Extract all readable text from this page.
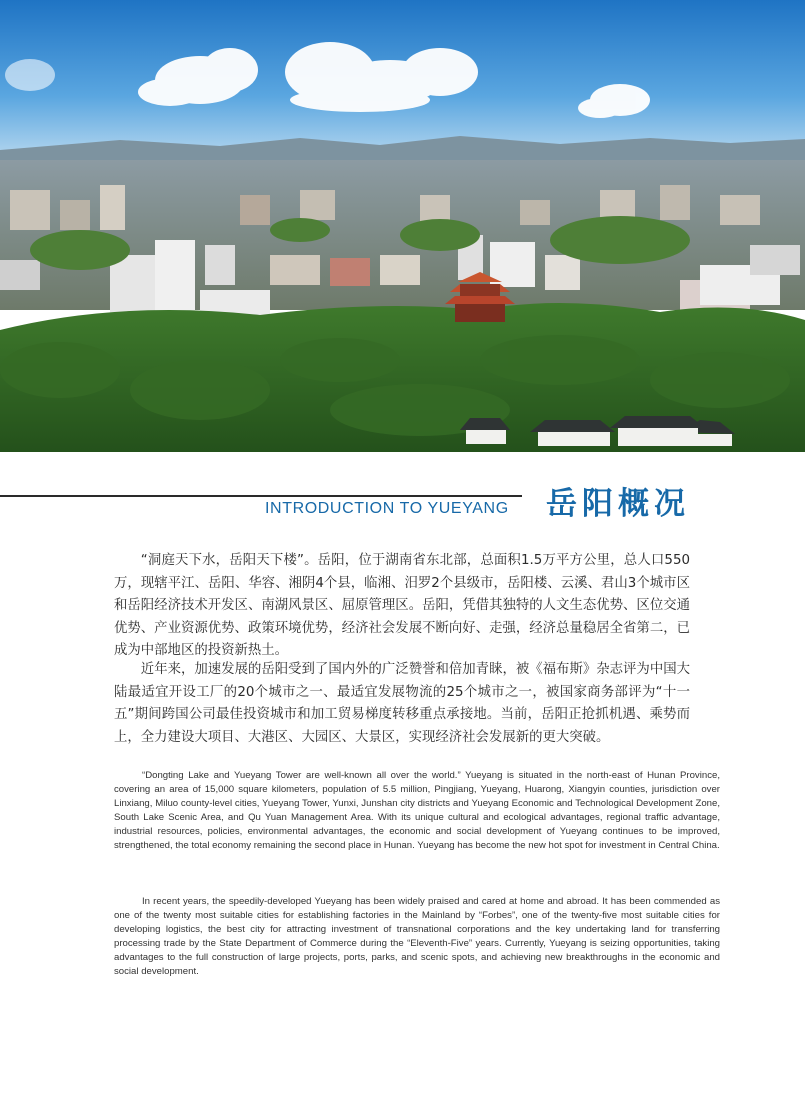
INTRODUCTION TO YUEYANG 岳阳概况

“洞庭天下水，岳阳天下楼”。岳阳，位于湖南省东北部，总面积1.5万平方公里，总人口550万，现辖平江、岳阳、华容、湘阴4个县，临湘、汨罗2个县级市，岳阳楼、云溪、君山3个城市区和岳阳经济技术开发区、南湖风景区、屈原管理区。岳阳，凭借其独特的人文生态优势、区位交通优势、产业资源优势、政策环境优势，经济社会发展不断向好、走强，经济总量稳居全省第二，已成为中部地区的投资新热土。

近年来，加速发展的岳阳受到了国内外的广泛赞誉和倍加青睐，被《福布斯》杂志评为中国大陆最适宜开设工厂的20个城市之一、最适宜发展物流的25个城市之一，被国家商务部评为“十一五”期间跨国公司最佳投资城市和加工贸易梯度转移重点承接地。当前，岳阳正抢抓机遇、乘势而上，全力建设大项目、大港区、大园区、大景区，实现经济社会发展新的更大突破。

“Dongting Lake and Yueyang Tower are well-known all over the world.” Yueyang is situated in the north-east of Hunan Province, covering an area of 15,000 square kilometers, population of 5.5 million, Pingjiang, Yueyang, Huarong, Xiangyin counties, jurisdiction over Linxiang, Miluo county-level cities, Yueyang Tower, Yunxi, Junshan city districts and Yueyang Economic and Technological Development Zone, South Lake Scenic Area, and Qu Yuan Management Area. With its unique cultural and ecological advantages, regional traffic advantage, industrial resources, policies, environmental advantages, the economic and social development of Yueyang continues to be improved, strengthened, the total economy remaining the second place in Hunan. Yueyang has become the new hot spot for investment in Central China.

In recent years, the speedily-developed Yueyang has been widely praised and cared at home and abroad. It has been commended as one of the twenty most suitable cities for establishing factories in the Mainland by “Forbes”, one of the twenty-five most suitable cities for developing logistics, the best city for attracting investment of transnational corporations and the key undertaking land for transferring processing trade by the State Department of Commerce during the “Eleventh-Five” years. Currently, Yueyang is seizing opportunities, taking advantages to the full construction of large projects, ports, parks, and scenic spots, and achieving new breakthroughs in the economic and social development.
